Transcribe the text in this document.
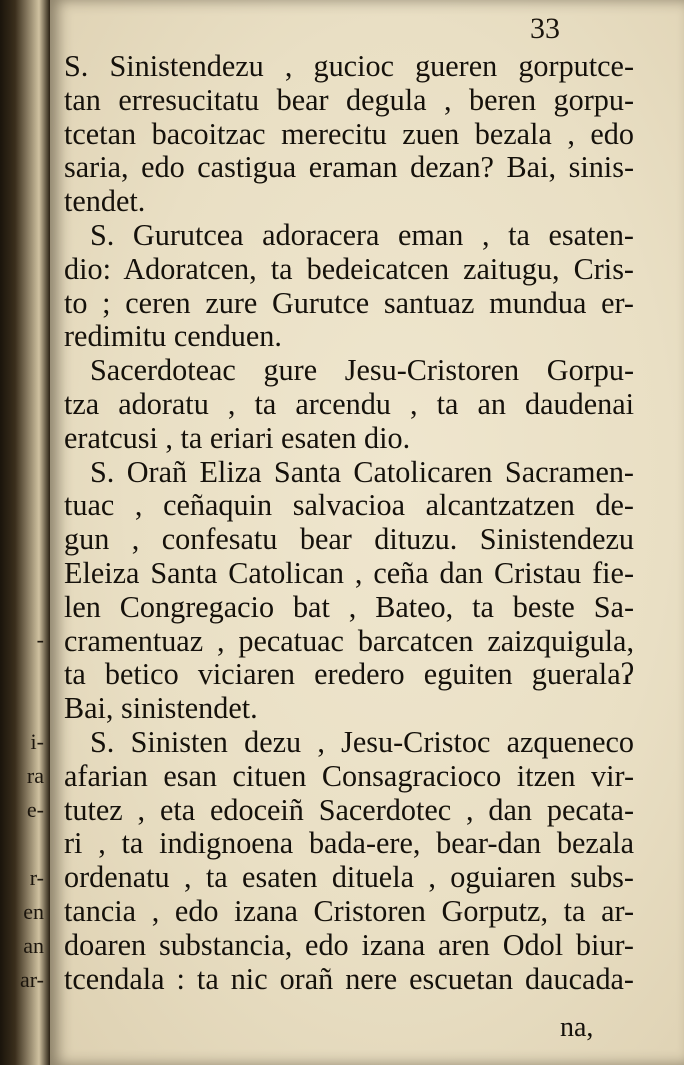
-
i-
ra
e-
r-
en
an
ar-
33
S. Sinistendezu , gucioc gueren gorputce-
tan erresucitatu bear degula , beren gorpu-
tcetan bacoitzac merecitu zuen bezala , edo
saria, edo castigua eraman dezan? Bai, sinis-
tendet.
S. Gurutcea adoracera eman , ta esaten-
dio: Adoratcen, ta bedeicatcen zaitugu, Cris-
to ; ceren zure Gurutce santuaz mundua er-
redimitu cenduen.
Sacerdoteac gure Jesu-Cristoren Gorpu-
tza adoratu , ta arcendu , ta an daudenai
eratcusi , ta eriari esaten dio.
S. Orañ Eliza Santa Catolicaren Sacramen-
tuac , ceñaquin salvacioa alcantzatzen de-
gun , confesatu bear dituzu. Sinistendezu
Eleiza Santa Catolican , ceña dan Cristau fie-
len Congregacio bat , Bateo, ta beste Sa-
cramentuaz , pecatuac barcatcen zaizquigula,
ta betico viciaren eredero eguiten gueralaʔ
Bai, sinistendet.
S. Sinisten dezu , Jesu-Cristoc azqueneco
afarian esan cituen Consagracioco itzen vir-
tutez , eta edoceiñ Sacerdotec , dan pecata-
ri , ta indignoena bada-ere, bear-dan bezala
ordenatu , ta esaten dituela , oguiaren subs-
tancia , edo izana Cristoren Gorputz, ta ar-
doaren substancia, edo izana aren Odol biur-
tcendala : ta nic orañ nere escuetan daucada-
na,
